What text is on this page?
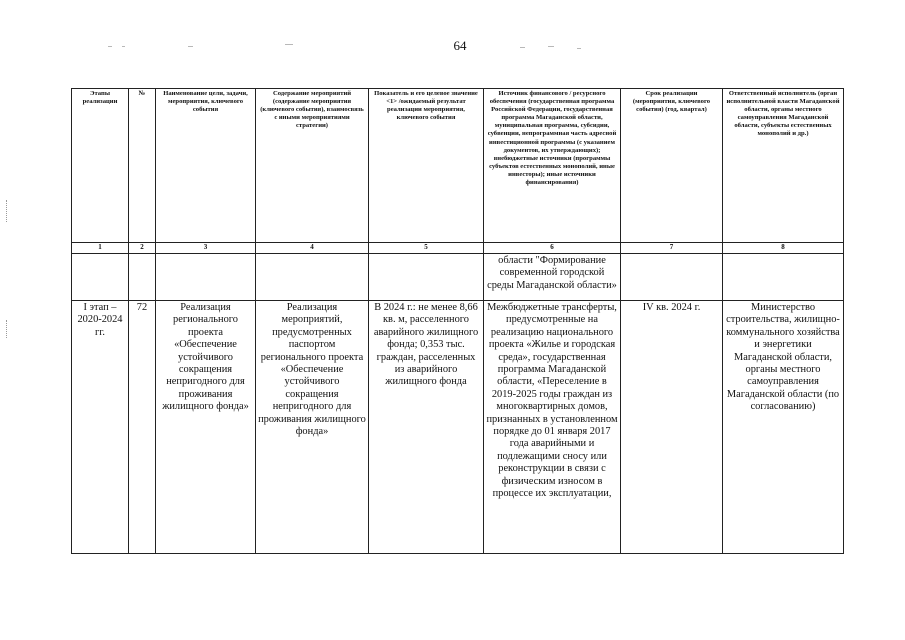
64
Этапы реализации	№	Наименование цели, задачи, мероприятия, ключевого события	Содержание мероприятий (содержание мероприятия (ключевого события), взаимосвязь с иными мероприятиями стратегии)	Показатель и его целевое значение <1> /ожидаемый результат реализации мероприятия, ключевого события	Источник финансового / ресурсного обеспечения (государственная программа Российской Федерации, государственная программа Магаданской области, муниципальная программа, субсидии, субвенции, непрограммная часть адресной инвестиционной программы (с указанием документов, их утверждающих); внебюджетные источники (программы субъектов естественных монополий, иные инвесторы); иные источники финансирования)	Срок реализации (мероприятия, ключевого события) (год, квартал)	Ответственный исполнитель (орган исполнительной власти Магаданской области, органы местного самоуправления Магаданской области, субъекты естественных монополий и др.)
1	2	3	4	5	6	7	8
					области "Формирование современной городской среды Магаданской области»		
I этап – 2020-2024 гг.	72	Реализация регионального проекта «Обеспечение устойчивого сокращения непригодного для проживания жилищного фонда»	Реализация мероприятий, предусмотренных паспортом регионального проекта «Обеспечение устойчивого сокращения непригодного для проживания жилищного фонда»	В 2024 г.: не менее 8,66 кв. м, расселенного аварийного жилищного фонда; 0,353 тыс. граждан, расселенных из аварийного жилищного фонда	Межбюджетные трансферты, предусмотренные на реализацию национального проекта «Жилье и городская среда», государственная программа Магаданской области, «Переселение в 2019-2025 годы граждан из многоквартирных домов, признанных в установленном порядке до 01 января 2017 года аварийными и подлежащими сносу или реконструкции в связи с физическим износом в процессе их эксплуатации,	IV кв. 2024 г.	Министерство строительства, жилищно-коммунального хозяйства и энергетики Магаданской области, органы местного самоуправления Магаданской области (по согласованию)
